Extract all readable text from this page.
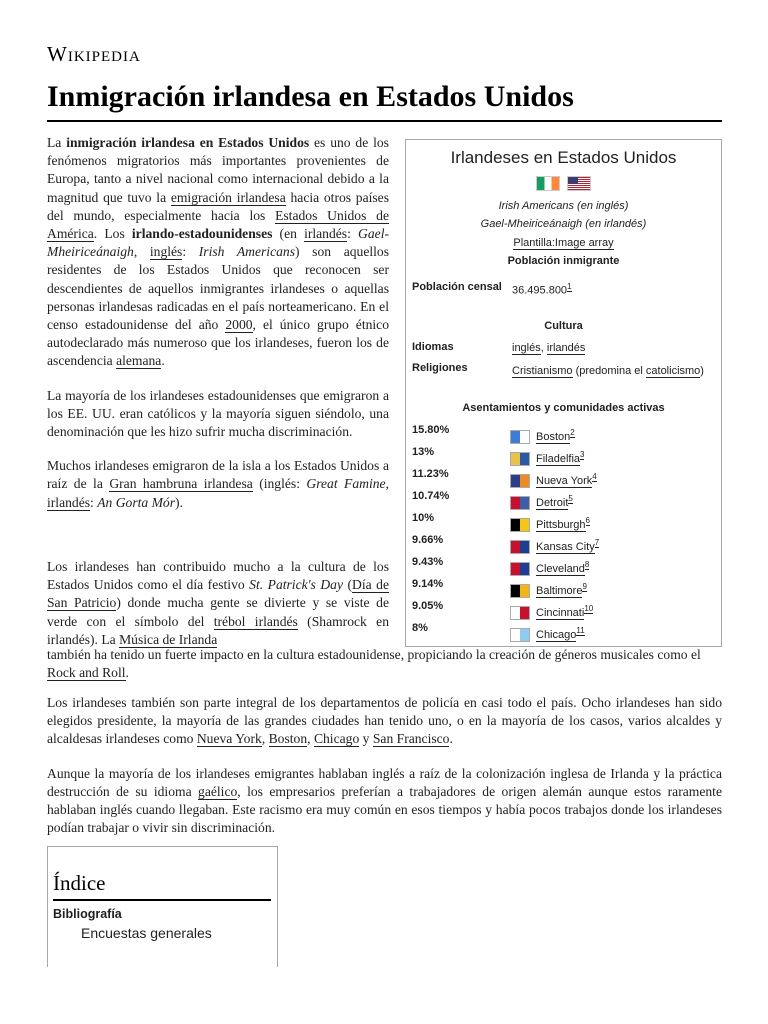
Wikipedia
Inmigración irlandesa en Estados Unidos
Irlandeses en Estados Unidos

Irish Americans (en inglés)
Gael-Mheiriceánaigh (en irlandés)
Plantilla:Image array
Población inmigrante
Población censal 36.495.800$^1$
Cultura
Idiomas	inglés, irlandés
Religiones	Cristianismo (predomina el catolicismo)
Asentamientos y comunidades activas
15.80%
Boston$^2$
13%
Filadelfia$^3$
11.23%
Nueva York$^4$
10.74%
Detroit$^5$
10%
Pittsburgh$^6$
9.66%
Kansas City$^7$
9.43%
Cleveland$^8$
9.14%
Baltimore$^9$
9.05%
Cincinnati$^{10}$
8%
Chicago$^{11}$

La inmigración irlandesa en Estados Unidos es uno de los fenómenos migratorios más importantes provenientes de Europa, tanto a nivel nacional como internacional debido a la magnitud que tuvo la emigración irlandesa hacia otros países del mundo, especialmente hacia los Estados Unidos de América. Los irlando-estadounidenses (en irlandés: Gael-Mheiriceánaigh, inglés: Irish Americans) son aquellos residentes de los Estados Unidos que reconocen ser descendientes de aquellos inmigrantes irlandeses o aquellas personas irlandesas radicadas en el país norteamericano. En el censo estadounidense del año 2000, el único grupo étnico autodeclarado más numeroso que los irlandeses, fueron los de ascendencia alemana.

La mayoría de los irlandeses estadounidenses que emigraron a los EE. UU. eran católicos y la mayoría siguen siéndolo, una denominación que les hizo sufrir mucha discriminación.

Muchos irlandeses emigraron de la isla a los Estados Unidos a raíz de la Gran hambruna irlandesa (inglés: Great Famine, irlandés: An Gorta Mór).

Los irlandeses han contribuido mucho a la cultura de los Estados Unidos como el día festivo St. Patrick's Day (Día de San Patricio) donde mucha gente se divierte y se viste de verde con el símbolo del trébol irlandés (Shamrock en irlandés). La Música de Irlanda

también ha tenido un fuerte impacto en la cultura estadounidense, propiciando la creación de géneros musicales como el Rock and Roll.

Los irlandeses también son parte integral de los departamentos de policía en casi todo el país. Ocho irlandeses han sido elegidos presidente, la mayoría de las grandes ciudades han tenido uno, o en la mayoría de los casos, varios alcaldes y alcaldesas irlandeses como Nueva York, Boston, Chicago y San Francisco.

Aunque la mayoría de los irlandeses emigrantes hablaban inglés a raíz de la colonización inglesa de Irlanda y la práctica destrucción de su idioma gaélico, los empresarios preferían a trabajadores de origen alemán aunque estos raramente hablaban inglés cuando llegaban. Este racismo era muy común en esos tiempos y había pocos trabajos donde los irlandeses podían trabajar o vivir sin discriminación.

Índice
Bibliografía
Encuestas generales
